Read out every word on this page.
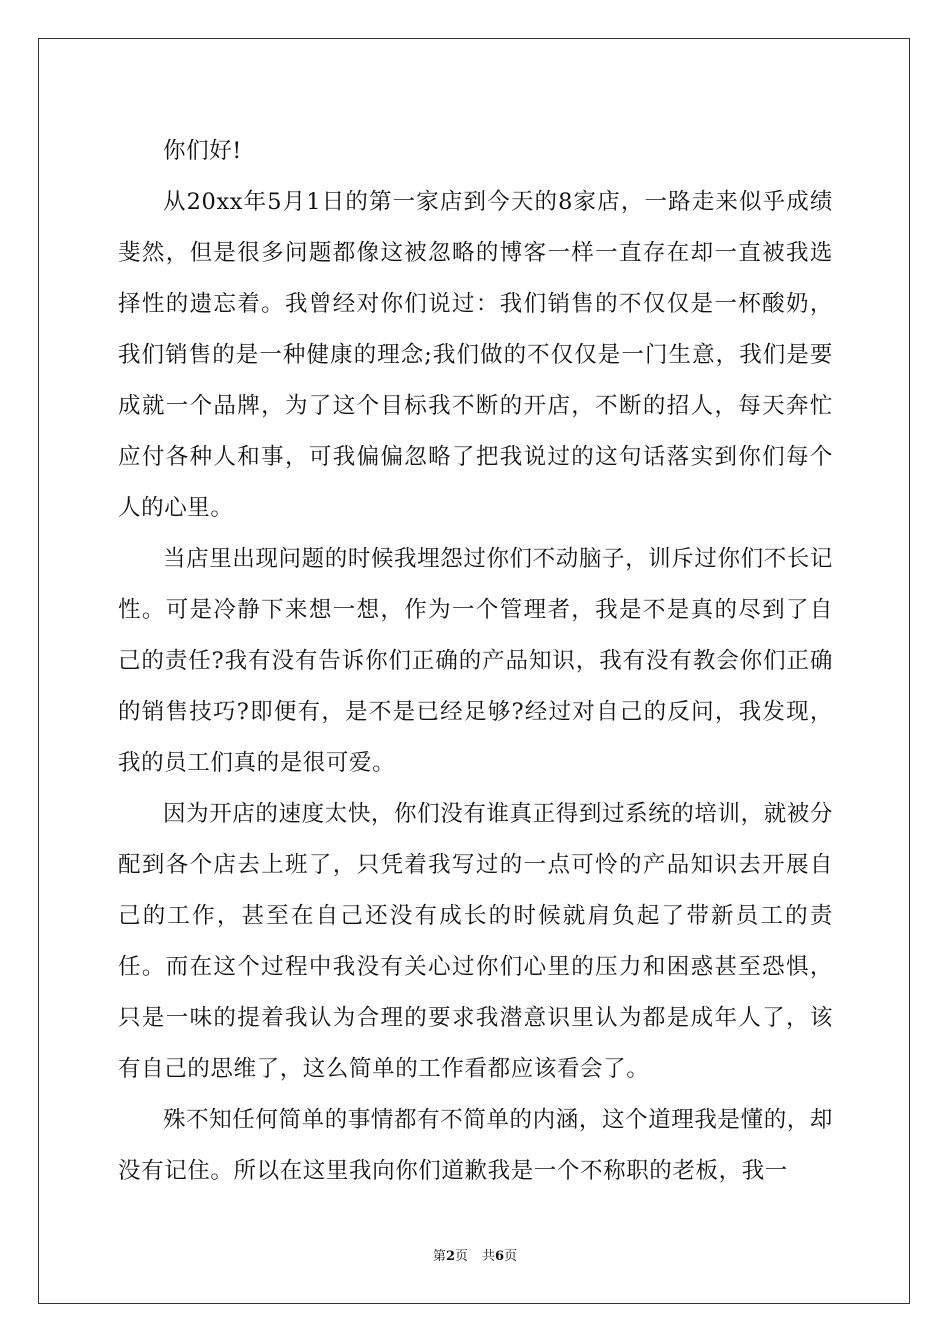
你们好!

从20xx年5月1日的第一家店到今天的8家店，一路走来似乎成绩斐然，但是很多问题都像这被忽略的博客一样一直存在却一直被我选择性的遗忘着。我曾经对你们说过：我们销售的不仅仅是一杯酸奶，我们销售的是一种健康的理念;我们做的不仅仅是一门生意，我们是要成就一个品牌，为了这个目标我不断的开店，不断的招人，每天奔忙应付各种人和事，可我偏偏忽略了把我说过的这句话落实到你们每个人的心里。

当店里出现问题的时候我埋怨过你们不动脑子，训斥过你们不长记性。可是冷静下来想一想，作为一个管理者，我是不是真的尽到了自己的责任?我有没有告诉你们正确的产品知识，我有没有教会你们正确的销售技巧?即便有，是不是已经足够?经过对自己的反问，我发现，我的员工们真的是很可爱。

因为开店的速度太快，你们没有谁真正得到过系统的培训，就被分配到各个店去上班了，只凭着我写过的一点可怜的产品知识去开展自己的工作，甚至在自己还没有成长的时候就肩负起了带新员工的责任。而在这个过程中我没有关心过你们心里的压力和困惑甚至恐惧，只是一味的提着我认为合理的要求我潜意识里认为都是成年人了，该有自己的思维了，这么简单的工作看都应该看会了。

殊不知任何简单的事情都有不简单的内涵，这个道理我是懂的，却没有记住。所以在这里我向你们道歉我是一个不称职的老板，我一

第2页 共6页
